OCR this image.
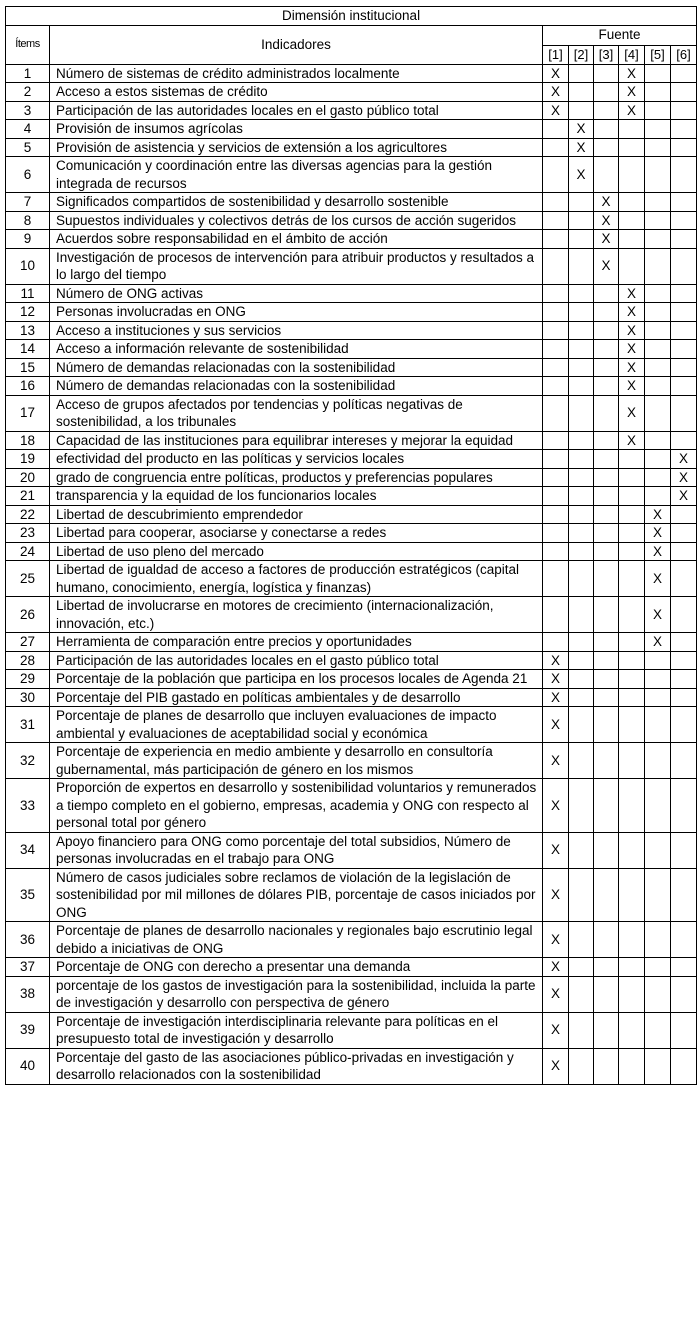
Dimensión institucional							
Ítems	Indicadores	Fuente					
		[1]	[2]	[3]	[4]	[5]	[6]
1	Número de sistemas de crédito administrados localmente	X			X		
2	Acceso a estos sistemas de crédito	X			X		
3	Participación de las autoridades locales en el gasto público total	X			X		
4	Provisión de insumos agrícolas		X				
5	Provisión de asistencia y servicios de extensión a los agricultores		X				
6	Comunicación y coordinación entre las diversas agencias para la gestión integrada de recursos		X				
7	Significados compartidos de sostenibilidad y desarrollo sostenible			X			
8	Supuestos individuales y colectivos detrás de los cursos de acción sugeridos			X			
9	Acuerdos sobre responsabilidad en el ámbito de acción			X			
10	Investigación de procesos de intervención para atribuir productos y resultados a lo largo del tiempo			X			
11	Número de ONG activas				X		
12	Personas involucradas en ONG				X		
13	Acceso a instituciones y sus servicios				X		
14	Acceso a información relevante de sostenibilidad				X		
15	Número de demandas relacionadas con la sostenibilidad				X		
16	Número de demandas relacionadas con la sostenibilidad				X		
17	Acceso de grupos afectados por tendencias y políticas negativas de sostenibilidad, a los tribunales				X		
18	Capacidad de las instituciones para equilibrar intereses y mejorar la equidad				X		
19	efectividad del producto en las políticas y servicios locales						X
20	grado de congruencia entre políticas, productos y preferencias populares						X
21	transparencia y la equidad de los funcionarios locales						X
22	Libertad de descubrimiento emprendedor					X	
23	Libertad para cooperar, asociarse y conectarse a redes					X	
24	Libertad de uso pleno del mercado					X	
25	Libertad de igualdad de acceso a factores de producción estratégicos (capital humano, conocimiento, energía, logística y finanzas)					X	
26	Libertad de involucrarse en motores de crecimiento (internacionalización, innovación, etc.)					X	
27	Herramienta de comparación entre precios y oportunidades					X	
28	Participación de las autoridades locales en el gasto público total	X					
29	Porcentaje de la población que participa en los procesos locales de Agenda 21	X					
30	Porcentaje del PIB gastado en políticas ambientales y de desarrollo	X					
31	Porcentaje de planes de desarrollo que incluyen evaluaciones de impacto ambiental y evaluaciones de aceptabilidad social y económica	X					
32	Porcentaje de experiencia en medio ambiente y desarrollo en consultoría gubernamental, más participación de género en los mismos	X					
33	Proporción de expertos en desarrollo y sostenibilidad voluntarios y remunerados a tiempo completo en el gobierno, empresas, academia y ONG con respecto al personal total por género	X					
34	Apoyo financiero para ONG como porcentaje del total subsidios, Número de personas involucradas en el trabajo para ONG	X					
35	Número de casos judiciales sobre reclamos de violación de la legislación de sostenibilidad por mil millones de dólares PIB, porcentaje de casos iniciados por ONG	X					
36	Porcentaje de planes de desarrollo nacionales y regionales bajo escrutinio legal debido a iniciativas de ONG	X					
37	Porcentaje de ONG con derecho a presentar una demanda	X					
38	porcentaje de los gastos de investigación para la sostenibilidad, incluida la parte de investigación y desarrollo con perspectiva de género	X					
39	Porcentaje de investigación interdisciplinaria relevante para políticas en el presupuesto total de investigación y desarrollo	X					
40	Porcentaje del gasto de las asociaciones público-privadas en investigación y desarrollo relacionados con la sostenibilidad	X					
